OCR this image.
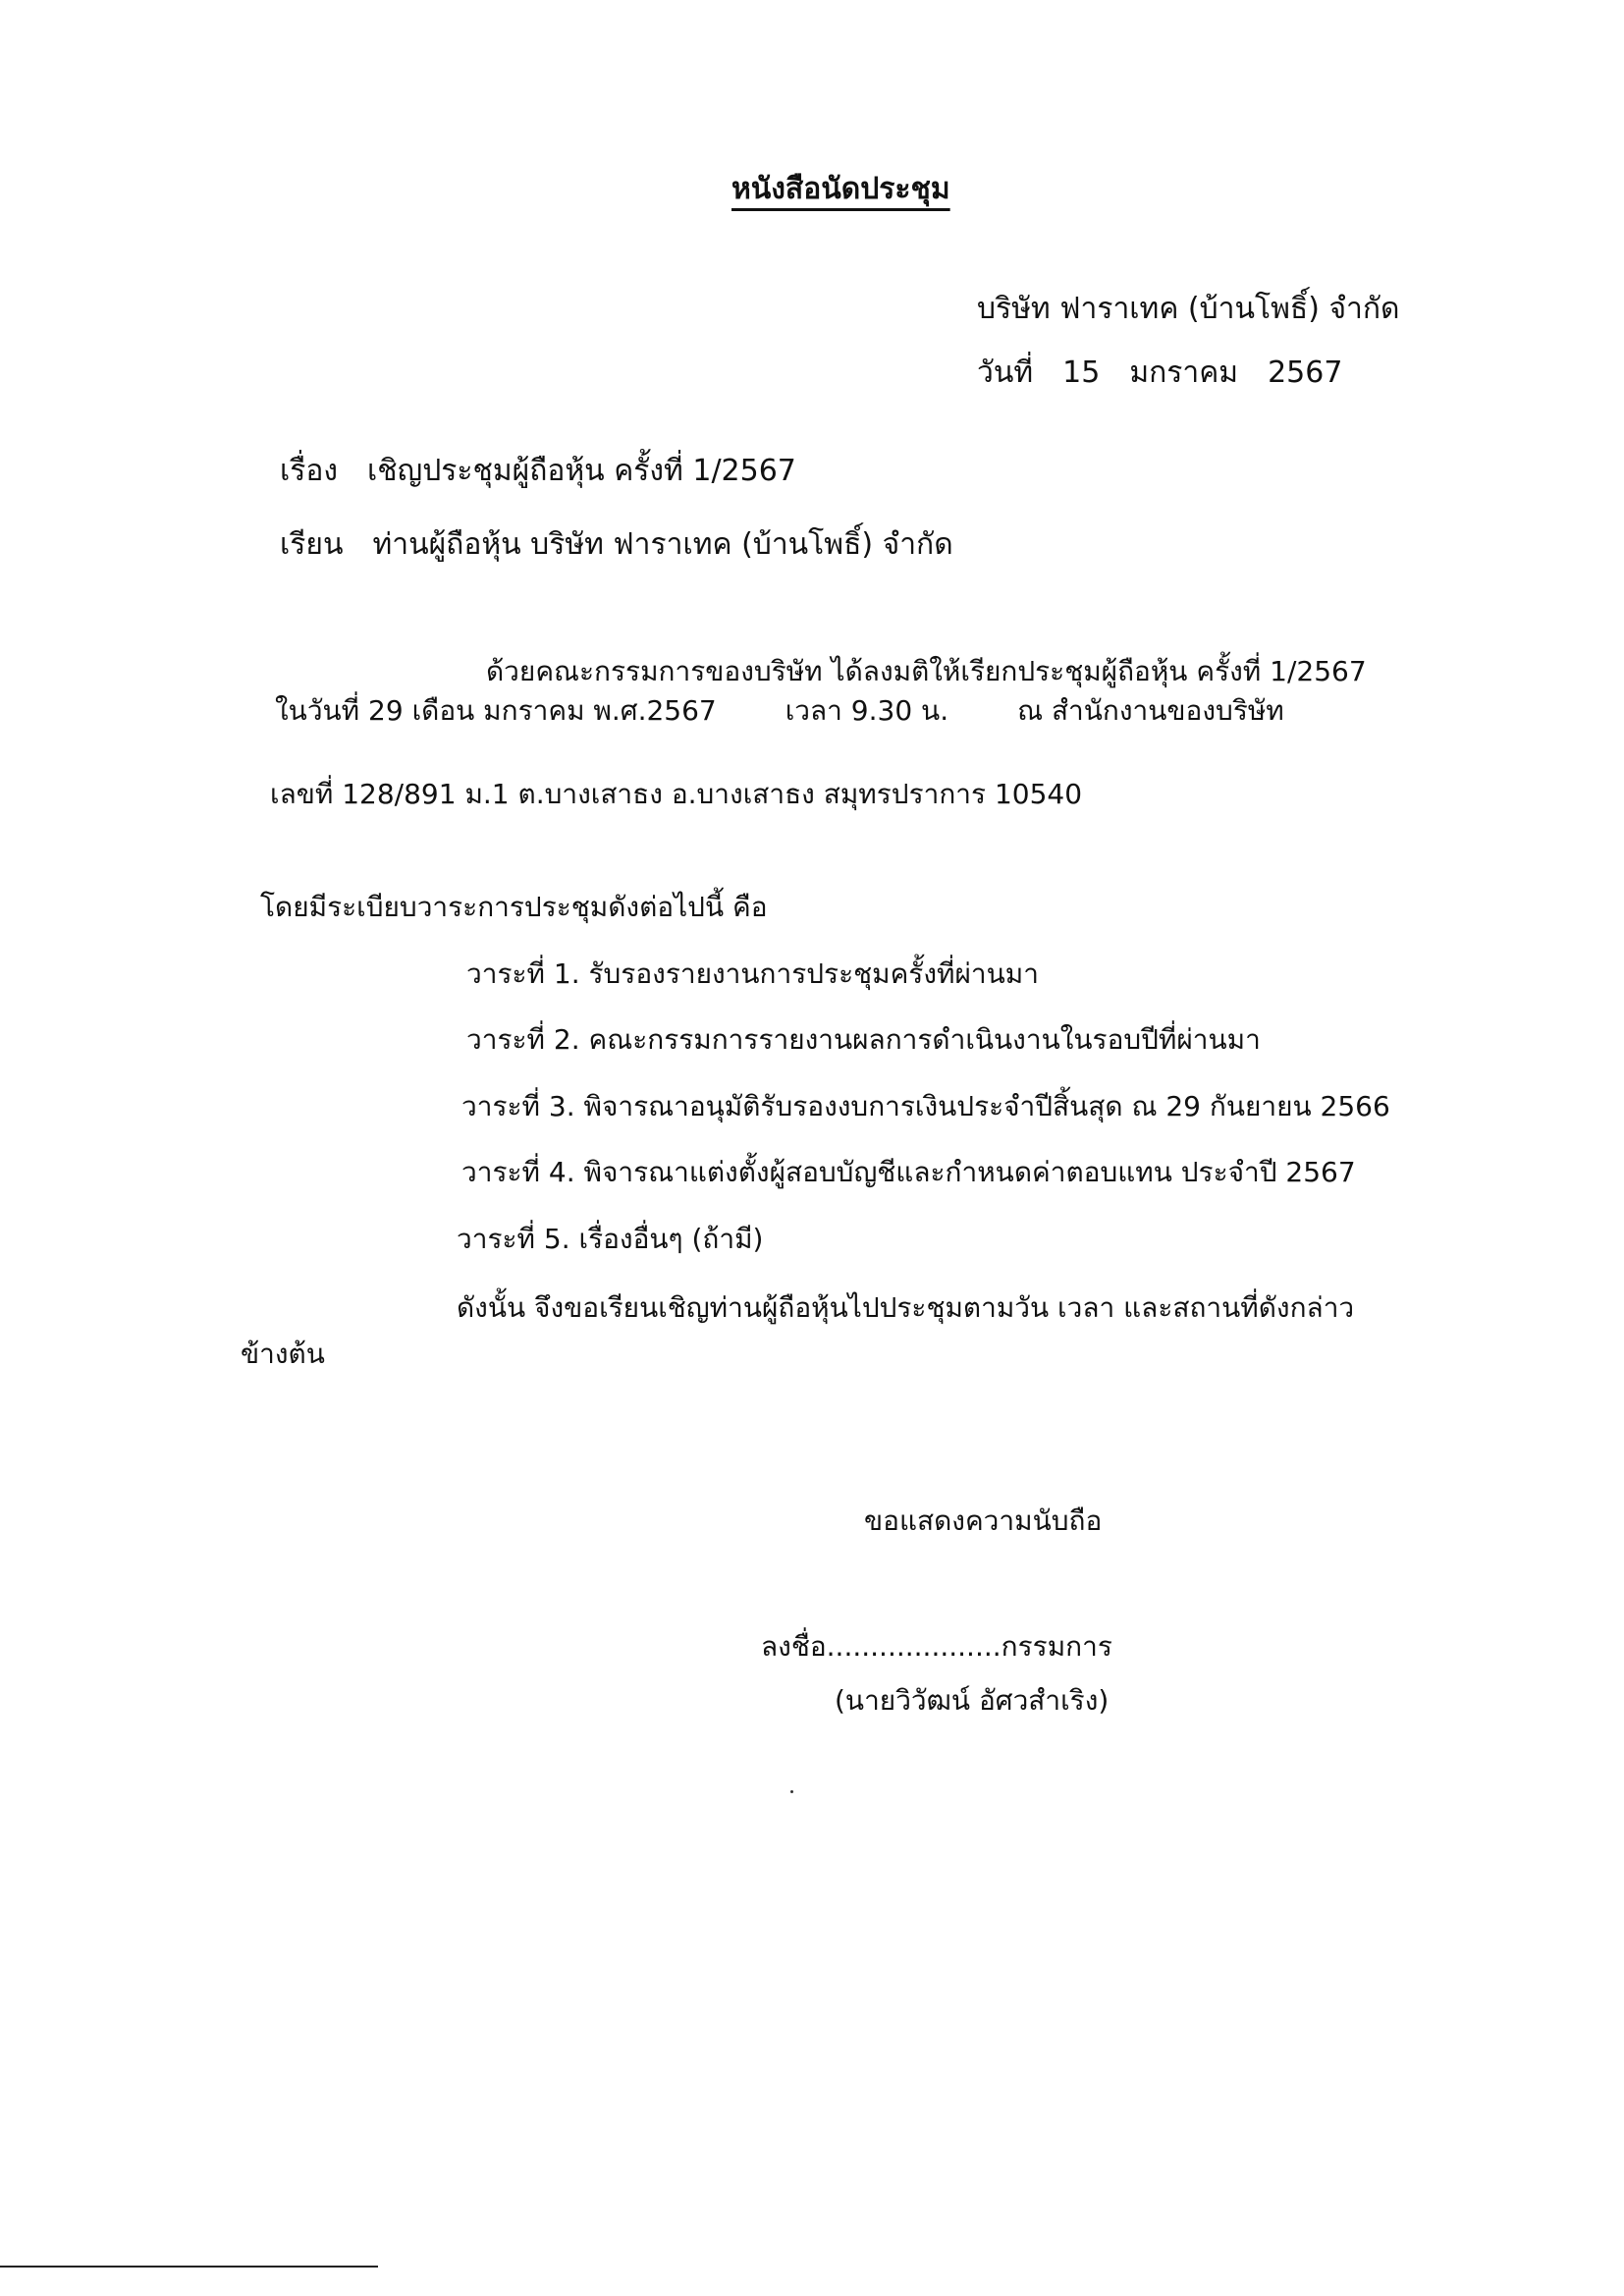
หนังสือนัดประชุม
บริษัท ฟาราเทค (บ้านโพธิ์) จำกัด
วันที่ 15 มกราคม 2567
เรื่อง เชิญประชุมผู้ถือหุ้น ครั้งที่ 1/2567
เรียน ท่านผู้ถือหุ้น บริษัท ฟาราเทค (บ้านโพธิ์) จำกัด
ด้วยคณะกรรมการของบริษัท ได้ลงมติให้เรียกประชุมผู้ถือหุ้น ครั้งที่ 1/2567
ในวันที่ 29 เดือน มกราคม พ.ศ.2567	เวลา 9.30 น.	ณ สำนักงานของบริษัท
เลขที่ 128/891 ม.1 ต.บางเสาธง อ.บางเสาธง สมุทรปราการ 10540
โดยมีระเบียบวาระการประชุมดังต่อไปนี้ คือ
วาระที่ 1. รับรองรายงานการประชุมครั้งที่ผ่านมา
วาระที่ 2. คณะกรรมการรายงานผลการดำเนินงานในรอบปีที่ผ่านมา
วาระที่ 3. พิจารณาอนุมัติรับรองงบการเงินประจำปีสิ้นสุด ณ 29 กันยายน 2566
วาระที่ 4. พิจารณาแต่งตั้งผู้สอบบัญชีและกำหนดค่าตอบแทน ประจำปี 2567
วาระที่ 5. เรื่องอื่นๆ (ถ้ามี)
ดังนั้น จึงขอเรียนเชิญท่านผู้ถือหุ้นไปประชุมตามวัน เวลา และสถานที่ดังกล่าว
ข้างต้น
ขอแสดงความนับถือ
ลงชื่อ....................กรรมการ
(นายวิวัฒน์ อัศวสำเริง)
